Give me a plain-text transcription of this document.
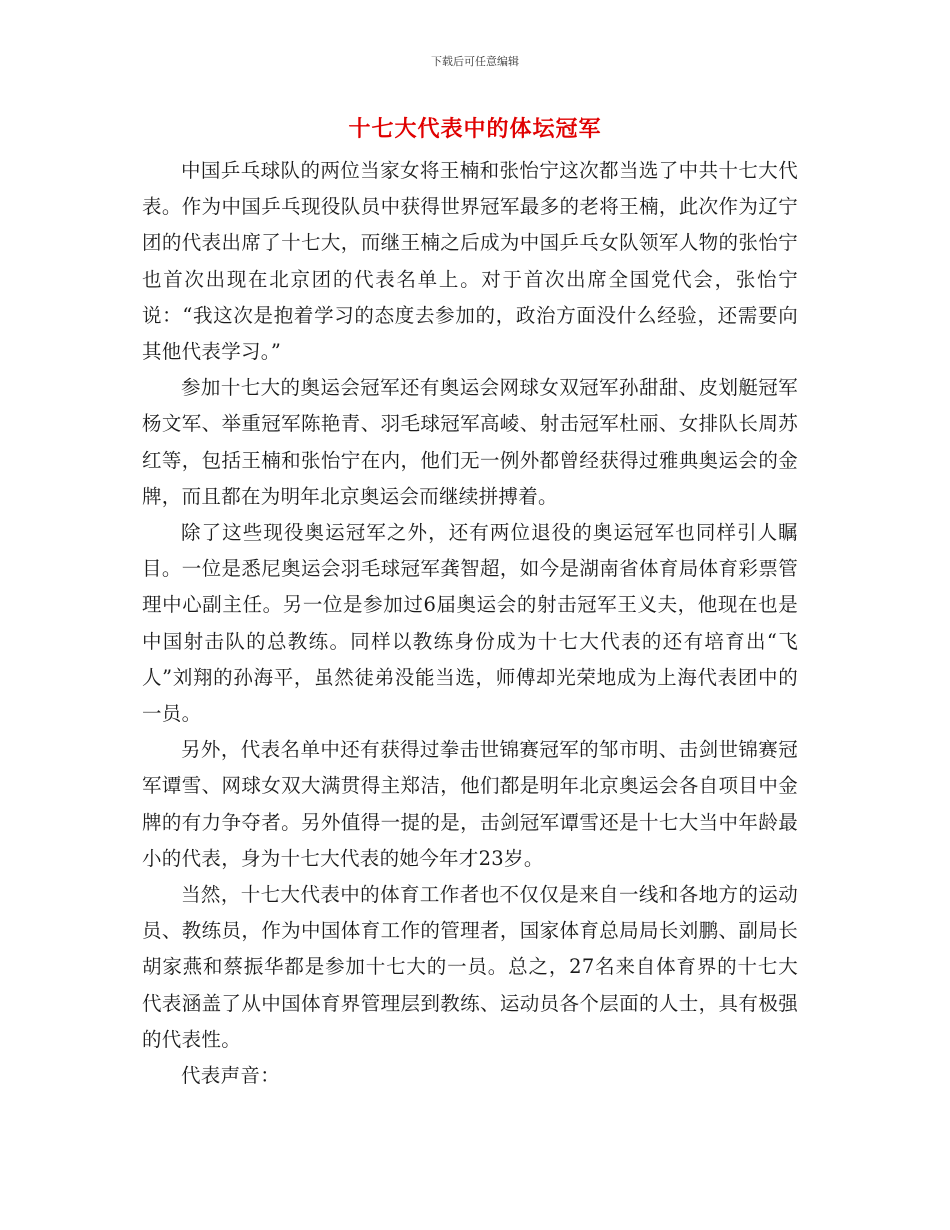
下载后可任意编辑
十七大代表中的体坛冠军

中国乒乓球队的两位当家女将王楠和张怡宁这次都当选了中共十七大代表。作为中国乒乓现役队员中获得世界冠军最多的老将王楠，此次作为辽宁团的代表出席了十七大，而继王楠之后成为中国乒乓女队领军人物的张怡宁也首次出现在北京团的代表名单上。对于首次出席全国党代会，张怡宁说：“我这次是抱着学习的态度去参加的，政治方面没什么经验，还需要向其他代表学习。”

参加十七大的奥运会冠军还有奥运会网球女双冠军孙甜甜、皮划艇冠军杨文军、举重冠军陈艳青、羽毛球冠军高崚、射击冠军杜丽、女排队长周苏红等，包括王楠和张怡宁在内，他们无一例外都曾经获得过雅典奥运会的金牌，而且都在为明年北京奥运会而继续拼搏着。

除了这些现役奥运冠军之外，还有两位退役的奥运冠军也同样引人瞩目。一位是悉尼奥运会羽毛球冠军龚智超，如今是湖南省体育局体育彩票管理中心副主任。另一位是参加过6届奥运会的射击冠军王义夫，他现在也是中国射击队的总教练。同样以教练身份成为十七大代表的还有培育出“飞人”刘翔的孙海平，虽然徒弟没能当选，师傅却光荣地成为上海代表团中的一员。

另外，代表名单中还有获得过拳击世锦赛冠军的邹市明、击剑世锦赛冠军谭雪、网球女双大满贯得主郑洁，他们都是明年北京奥运会各自项目中金牌的有力争夺者。另外值得一提的是，击剑冠军谭雪还是十七大当中年龄最小的代表，身为十七大代表的她今年才23岁。

当然，十七大代表中的体育工作者也不仅仅是来自一线和各地方的运动员、教练员，作为中国体育工作的管理者，国家体育总局局长刘鹏、副局长胡家燕和蔡振华都是参加十七大的一员。总之，27名来自体育界的十七大代表涵盖了从中国体育界管理层到教练、运动员各个层面的人士，具有极强的代表性。

代表声音：
